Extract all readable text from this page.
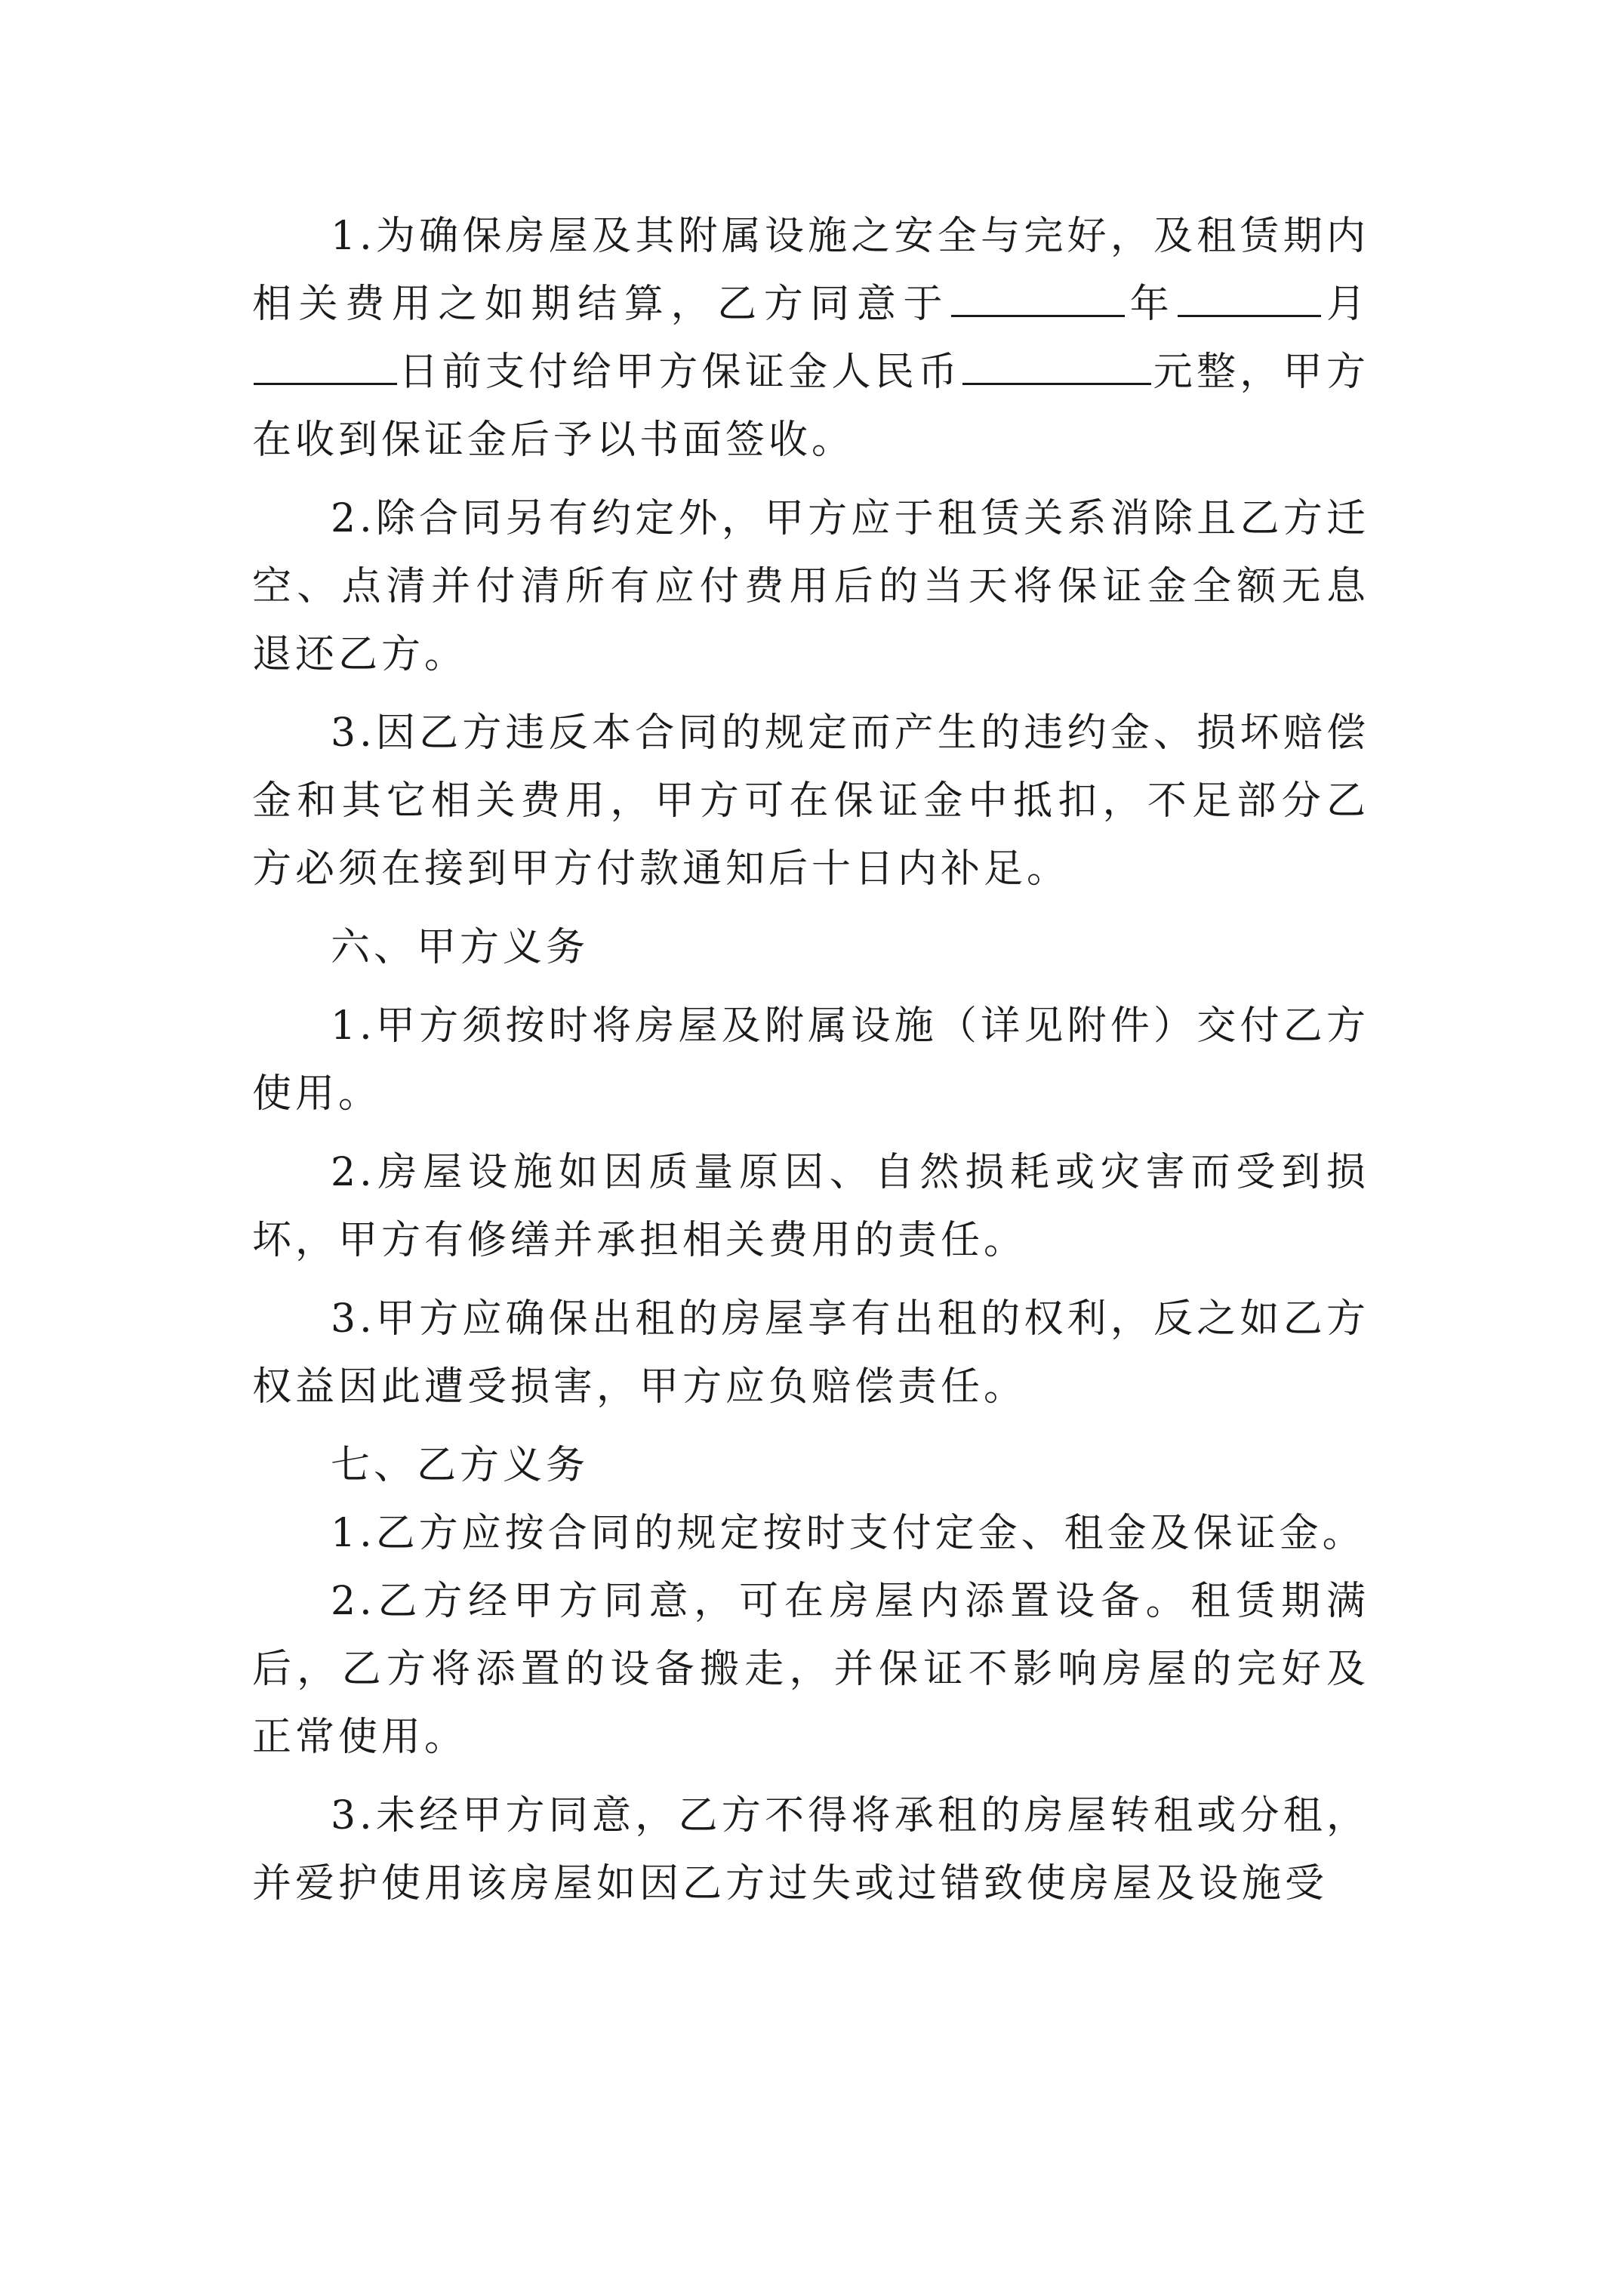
1.为确保房屋及其附属设施之安全与完好，及租赁期内相关费用之如期结算，乙方同意于	年	月日前支付给甲方保证金人民币	元整，甲方在收到保证金后予以书面签收。

2.除合同另有约定外，甲方应于租赁关系消除且乙方迁空、点清并付清所有应付费用后的当天将保证金全额无息退还乙方。

3.因乙方违反本合同的规定而产生的违约金、损坏赔偿金和其它相关费用，甲方可在保证金中抵扣，不足部分乙方必须在接到甲方付款通知后十日内补足。

六、甲方义务

1.甲方须按时将房屋及附属设施（详见附件）交付乙方使用。

2.房屋设施如因质量原因、自然损耗或灾害而受到损坏，甲方有修缮并承担相关费用的责任。

3.甲方应确保出租的房屋享有出租的权利，反之如乙方权益因此遭受损害，甲方应负赔偿责任。

七、乙方义务

1.乙方应按合同的规定按时支付定金、租金及保证金。

2.乙方经甲方同意，可在房屋内添置设备。租赁期满后，乙方将添置的设备搬走，并保证不影响房屋的完好及正常使用。

3.未经甲方同意，乙方不得将承租的房屋转租或分租，并爱护使用该房屋如因乙方过失或过错致使房屋及设施受
